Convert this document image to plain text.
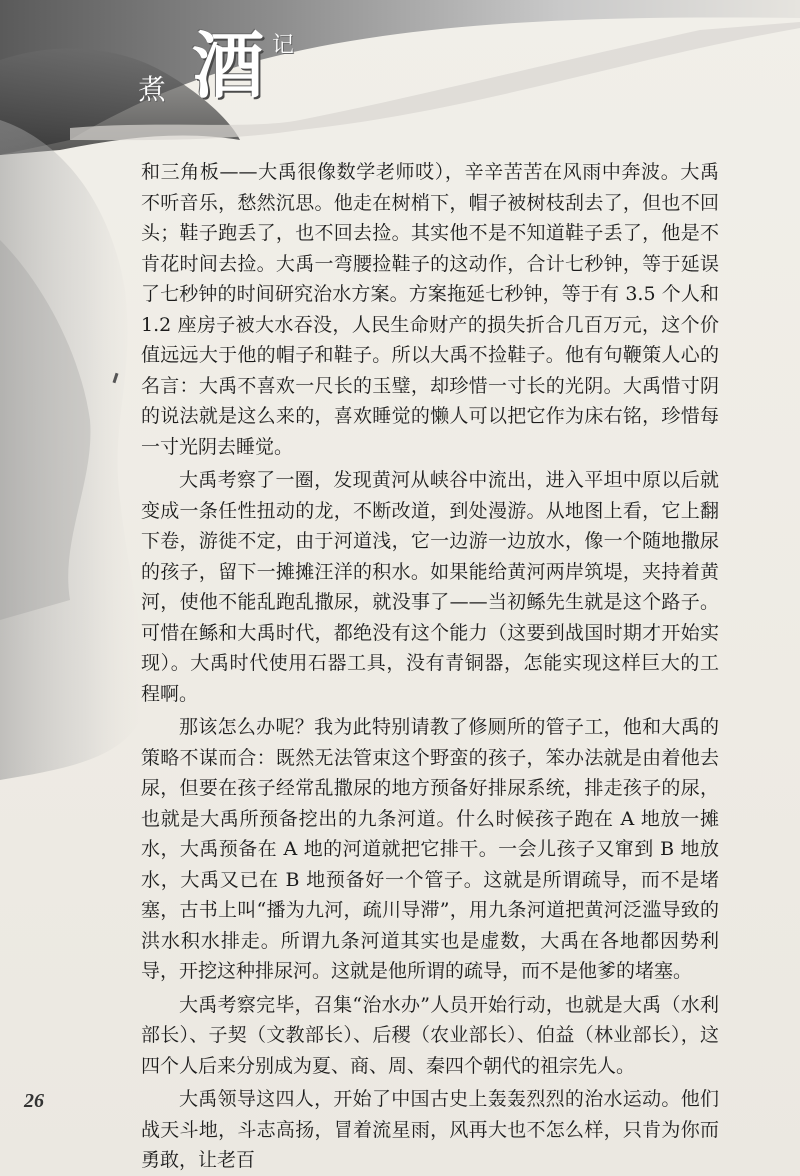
煮 酒 记

和三角板——大禹很像数学老师哎），辛辛苦苦在风雨中奔波。大禹不听音乐，愁然沉思。他走在树梢下，帽子被树枝刮去了，但也不回头；鞋子跑丢了，也不回去捡。其实他不是不知道鞋子丢了，他是不肯花时间去捡。大禹一弯腰捡鞋子的这动作，合计七秒钟，等于延误了七秒钟的时间研究治水方案。方案拖延七秒钟，等于有 3.5 个人和 1.2 座房子被大水吞没，人民生命财产的损失折合几百万元，这个价值远远大于他的帽子和鞋子。所以大禹不捡鞋子。他有句鞭策人心的名言：大禹不喜欢一尺长的玉璧，却珍惜一寸长的光阴。大禹惜寸阴的说法就是这么来的，喜欢睡觉的懒人可以把它作为床右铭，珍惜每一寸光阴去睡觉。

大禹考察了一圈，发现黄河从峡谷中流出，进入平坦中原以后就变成一条任性扭动的龙，不断改道，到处漫游。从地图上看，它上翻下卷，游徙不定，由于河道浅，它一边游一边放水，像一个随地撒尿的孩子，留下一摊摊汪洋的积水。如果能给黄河两岸筑堤，夹持着黄河，使他不能乱跑乱撒尿，就没事了——当初鲧先生就是这个路子。可惜在鲧和大禹时代，都绝没有这个能力（这要到战国时期才开始实现）。大禹时代使用石器工具，没有青铜器，怎能实现这样巨大的工程啊。

那该怎么办呢？我为此特别请教了修厕所的管子工，他和大禹的策略不谋而合：既然无法管束这个野蛮的孩子，笨办法就是由着他去尿，但要在孩子经常乱撒尿的地方预备好排尿系统，排走孩子的尿，也就是大禹所预备挖出的九条河道。什么时候孩子跑在 A 地放一摊水，大禹预备在 A 地的河道就把它排干。一会儿孩子又窜到 B 地放水，大禹又已在 B 地预备好一个管子。这就是所谓疏导，而不是堵塞，古书上叫“播为九河，疏川导滞”，用九条河道把黄河泛滥导致的洪水积水排走。所谓九条河道其实也是虚数，大禹在各地都因势利导，开挖这种排尿河。这就是他所谓的疏导，而不是他爹的堵塞。

大禹考察完毕，召集“治水办”人员开始行动，也就是大禹（水利部长）、子契（文教部长）、后稷（农业部长）、伯益（林业部长），这四个人后来分别成为夏、商、周、秦四个朝代的祖宗先人。

大禹领导这四人，开始了中国古史上轰轰烈烈的治水运动。他们战天斗地，斗志高扬，冒着流星雨，风再大也不怎么样，只肯为你而勇敢，让老百

26
